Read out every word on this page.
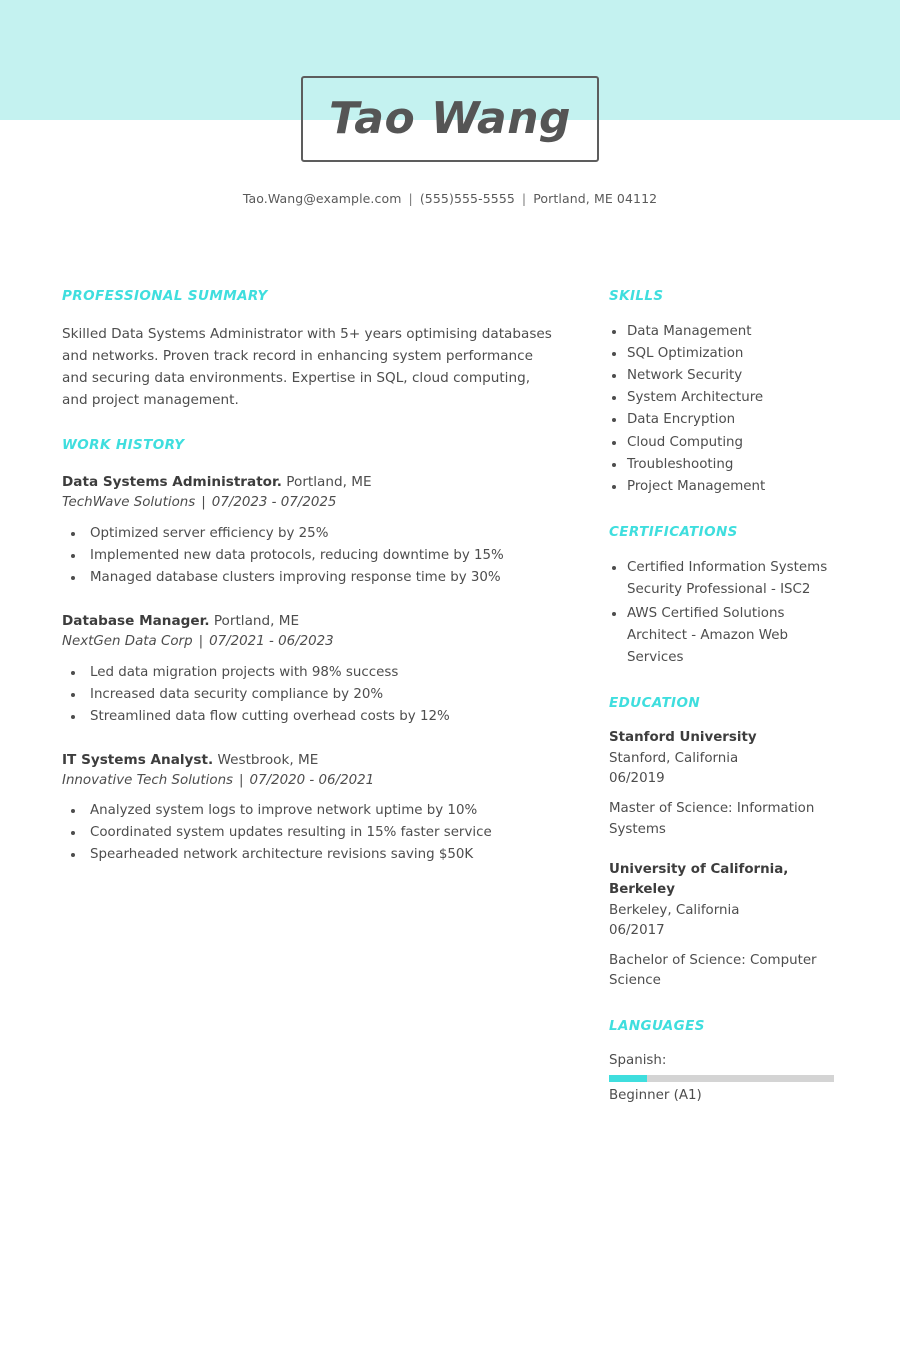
Tao Wang
Tao.Wang@example.com | (555)555-5555 | Portland, ME 04112
PROFESSIONAL SUMMARY

Skilled Data Systems Administrator with 5+ years optimising databases and networks. Proven track record in enhancing system performance and securing data environments. Expertise in SQL, cloud computing, and project management.

WORK HISTORY
Data Systems Administrator. Portland, ME
TechWave Solutions | 07/2023 - 07/2025
Optimized server efficiency by 25%
Implemented new data protocols, reducing downtime by 15%
Managed database clusters improving response time by 30%
Database Manager. Portland, ME
NextGen Data Corp | 07/2021 - 06/2023
Led data migration projects with 98% success
Increased data security compliance by 20%
Streamlined data flow cutting overhead costs by 12%
IT Systems Analyst. Westbrook, ME
Innovative Tech Solutions | 07/2020 - 06/2021
Analyzed system logs to improve network uptime by 10%
Coordinated system updates resulting in 15% faster service
Spearheaded network architecture revisions saving $50K
SKILLS
Data Management
SQL Optimization
Network Security
System Architecture
Data Encryption
Cloud Computing
Troubleshooting
Project Management
CERTIFICATIONS
Certified Information Systems Security Professional - ISC2
AWS Certified Solutions Architect - Amazon Web Services
EDUCATION
Stanford University
Stanford, California
06/2019
Master of Science: Information Systems
University of California, Berkeley
Berkeley, California
06/2017
Bachelor of Science: Computer Science
LANGUAGES
Spanish:
Beginner (A1)
